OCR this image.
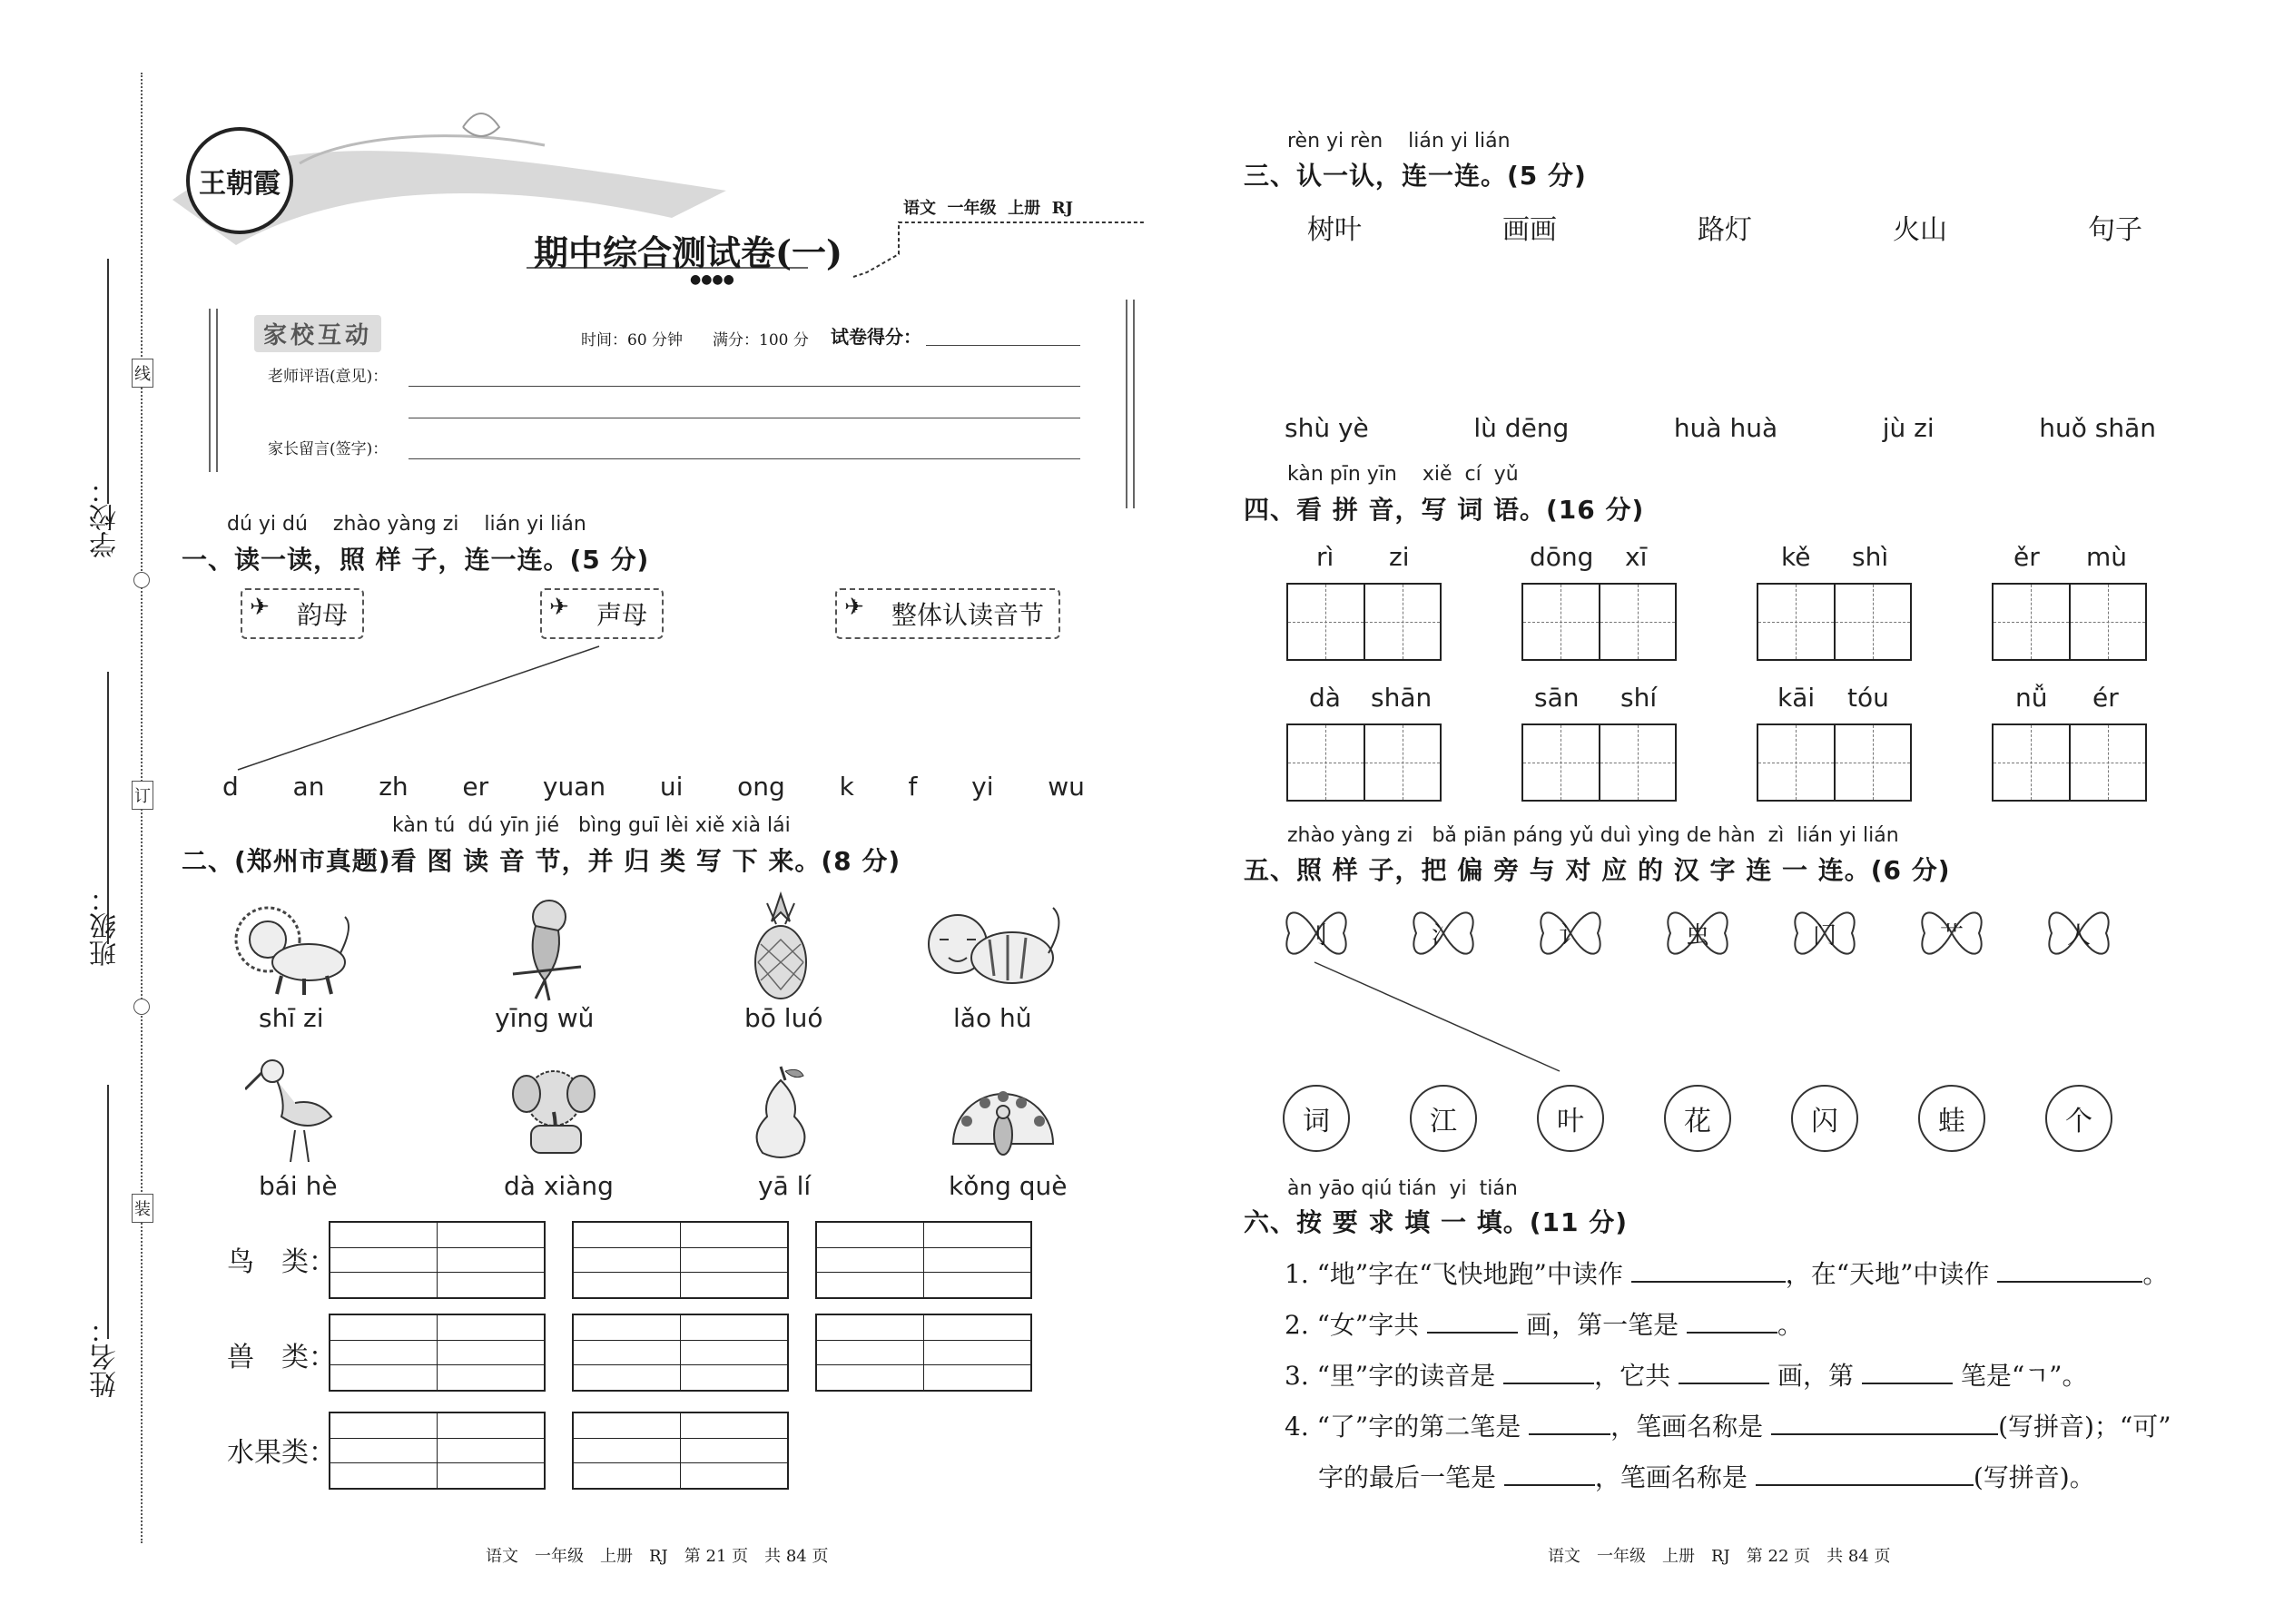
学校：
班级：
姓名：
装
订
线
王朝霞
语文  一年级  上册  RJ
期中综合测试卷(一)
●●●●
家校互动	时间：60 分钟 满分：100 分 试卷得分：
老师评语(意见)：
家长留言(签字)：
dú yi dú    zhào yàng zi    lián yi lián
一、读一读，照 样 子，连一连。(5 分)
✈ 韵母	✈ 声母	✈ 整体认读音节
d an zh er yuan ui ong k f yi wu
kàn tú  dú yīn jié   bìng guī lèi xiě xià lái
二、(郑州市真题)看 图 读 音 节，并 归 类 写 下 来。(8 分)
shī zi	yīng wǔ	bō luó	lǎo hǔ
bái hè	dà xiàng	yā lí	kǒng què
鸟　类：
兽　类：
水果类：
语文　一年级　上册　RJ　第 21 页　共 84 页
rèn yi rèn    lián yi lián
三、认一认，连一连。(5 分)
树叶	画画	路灯	火山	句子
shù yè	lù dēng	huà huà	jù zi	huǒ shān
kàn pīn yīn    xiě  cí  yǔ
四、看 拼 音，写 词 语。(16 分)
rì zi	dōng xī	kě shì	ěr mù
dà shān	sān shí	kāi tóu	nǚ ér
zhào yàng zi   bǎ piān páng yǔ duì yìng de hàn  zì  lián yi lián
五、照 样 子，把 偏 旁 与 对 应 的 汉 字 连 一 连。(6 分)
刂	氵	讠	虫	门	艹	人
词	江	叶	花	闪	蛙	个
àn yāo qiú tián  yi  tián
六、按 要 求 填 一 填。(11 分)
1. “地”字在“飞快地跑”中读作	，在“天地”中读作	。
2. “女”字共	画，第一笔是	。
3. “里”字的读音是	，它共	画，第	笔是“ㄱ”。
4. “了”字的第二笔是	，笔画名称是	(写拼音)；“可”
字的最后一笔是	，笔画名称是	(写拼音)。
语文　一年级　上册　RJ　第 22 页　共 84 页
